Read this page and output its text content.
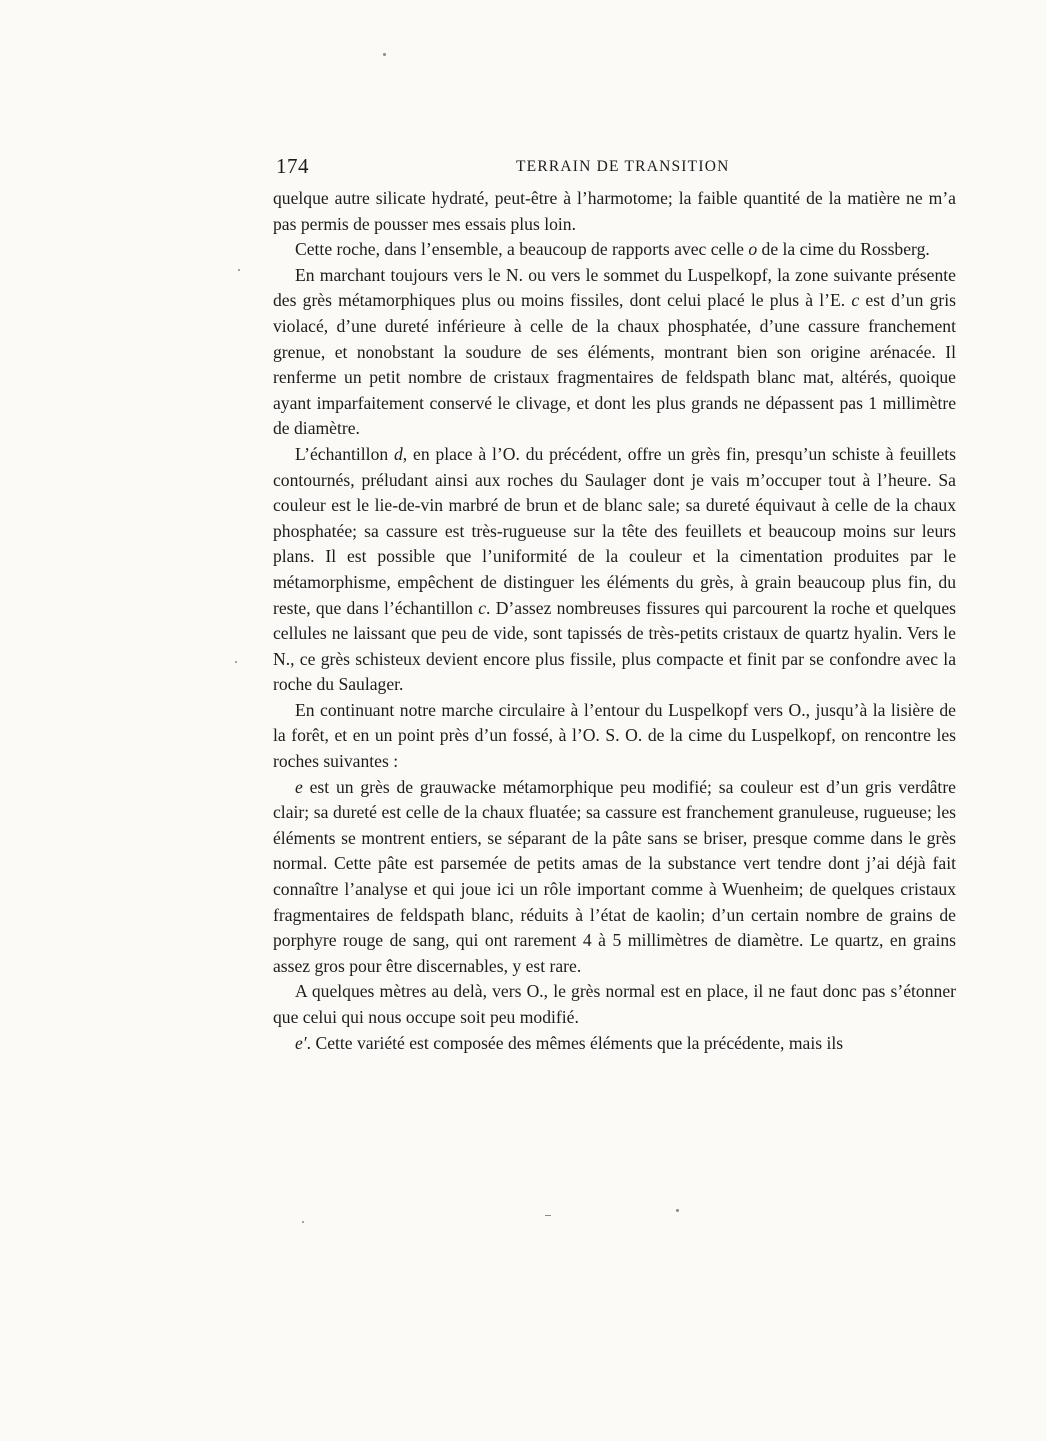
174	TERRAIN DE TRANSITION

quelque autre silicate hydraté, peut-être à l’harmotome; la faible quantité de la matière ne m’a pas permis de pousser mes essais plus loin.

Cette roche, dans l’ensemble, a beaucoup de rapports avec celle o de la cime du Rossberg.

En marchant toujours vers le N. ou vers le sommet du Luspelkopf, la zone suivante présente des grès métamorphiques plus ou moins fissiles, dont celui placé le plus à l’E. c est d’un gris violacé, d’une dureté inférieure à celle de la chaux phosphatée, d’une cassure franchement grenue, et nonobstant la soudure de ses éléments, montrant bien son origine arénacée. Il renferme un petit nombre de cristaux fragmentaires de feldspath blanc mat, altérés, quoique ayant imparfaitement conservé le clivage, et dont les plus grands ne dépassent pas 1 millimètre de diamètre.

L’échantillon d, en place à l’O. du précédent, offre un grès fin, presqu’un schiste à feuillets contournés, préludant ainsi aux roches du Saulager dont je vais m’occuper tout à l’heure. Sa couleur est le lie-de-vin marbré de brun et de blanc sale; sa dureté équivaut à celle de la chaux phosphatée; sa cassure est très-rugueuse sur la tête des feuillets et beaucoup moins sur leurs plans. Il est possible que l’uniformité de la couleur et la cimentation produites par le métamorphisme, empêchent de distinguer les éléments du grès, à grain beaucoup plus fin, du reste, que dans l’échantillon c. D’assez nombreuses fissures qui parcourent la roche et quelques cellules ne laissant que peu de vide, sont tapissés de très-petits cristaux de quartz hyalin. Vers le N., ce grès schisteux devient encore plus fissile, plus compacte et finit par se confondre avec la roche du Saulager.

En continuant notre marche circulaire à l’entour du Luspelkopf vers O., jusqu’à la lisière de la forêt, et en un point près d’un fossé, à l’O. S. O. de la cime du Luspelkopf, on rencontre les roches suivantes :

e est un grès de grauwacke métamorphique peu modifié; sa couleur est d’un gris verdâtre clair; sa dureté est celle de la chaux fluatée; sa cassure est franchement granuleuse, rugueuse; les éléments se montrent entiers, se séparant de la pâte sans se briser, presque comme dans le grès normal. Cette pâte est parsemée de petits amas de la substance vert tendre dont j’ai déjà fait connaître l’analyse et qui joue ici un rôle important comme à Wuenheim; de quelques cristaux fragmentaires de feldspath blanc, réduits à l’état de kaolin; d’un certain nombre de grains de porphyre rouge de sang, qui ont rarement 4 à 5 millimètres de diamètre. Le quartz, en grains assez gros pour être discernables, y est rare.

A quelques mètres au delà, vers O., le grès normal est en place, il ne faut donc pas s’étonner que celui qui nous occupe soit peu modifié.

e′. Cette variété est composée des mêmes éléments que la précédente, mais ils
